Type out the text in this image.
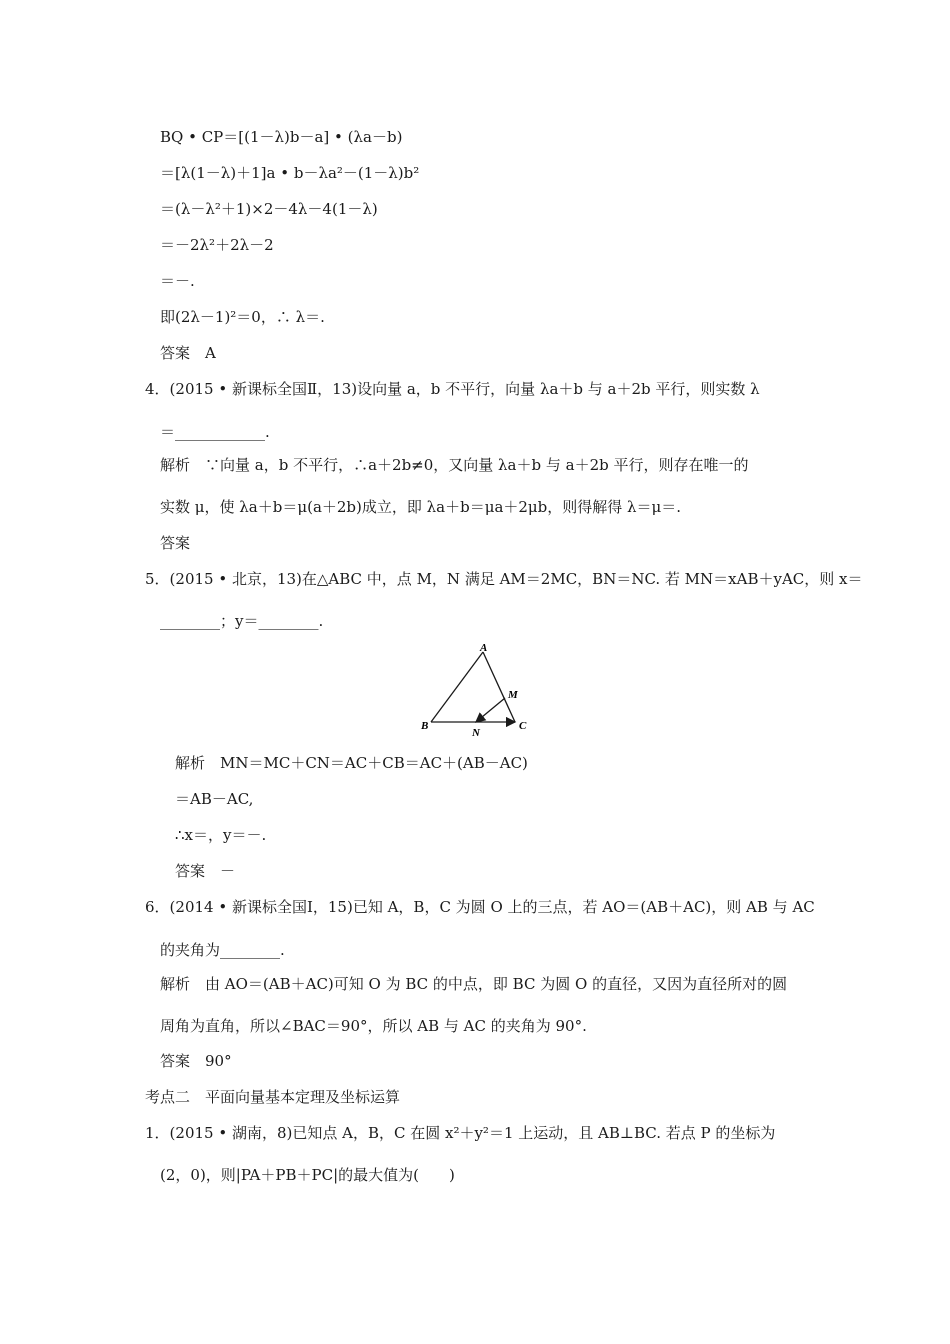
BQ • CP＝[(1－λ)b－a] • (λa－b)
＝[λ(1－λ)＋1]a • b－λa²－(1－λ)b²
＝(λ－λ²＋1)×2－4λ－4(1－λ)
＝－2λ²＋2λ－2
＝－.
即(2λ－1)²＝0，∴ λ＝.
答案　A
4．(2015 • 新课标全国Ⅱ，13)设向量 a，b 不平行，向量 λa＋b 与 a＋2b 平行，则实数 λ
＝____________.
解析　∵向量 a，b 不平行，∴a＋2b≠0，又向量 λa＋b 与 a＋2b 平行，则存在唯一的
实数 μ，使 λa＋b＝μ(a＋2b)成立，即 λa＋b＝μa＋2μb，则得解得 λ＝μ＝.
答案
5．(2015 • 北京，13)在△ABC 中，点 M，N 满足 AM＝2MC，BN＝NC. 若 MN＝xAB＋yAC，则 x＝
________；y＝________.
A
M
B
N
C
解析　MN＝MC＋CN＝AC＋CB＝AC＋(AB－AC)
＝AB－AC,
∴x＝，y＝－.
答案　－
6．(2014 • 新课标全国Ⅰ，15)已知 A，B，C 为圆 O 上的三点，若 AO＝(AB＋AC)，则 AB 与 AC
的夹角为________.
解析　由 AO＝(AB＋AC)可知 O 为 BC 的中点，即 BC 为圆 O 的直径，又因为直径所对的圆
周角为直角，所以∠BAC＝90°，所以 AB 与 AC 的夹角为 90°.
答案　90°
考点二　平面向量基本定理及坐标运算
1．(2015 • 湖南，8)已知点 A，B，C 在圆 x²＋y²＝1 上运动，且 AB⊥BC. 若点 P 的坐标为
(2，0)，则|PA＋PB＋PC|的最大值为(　　)
